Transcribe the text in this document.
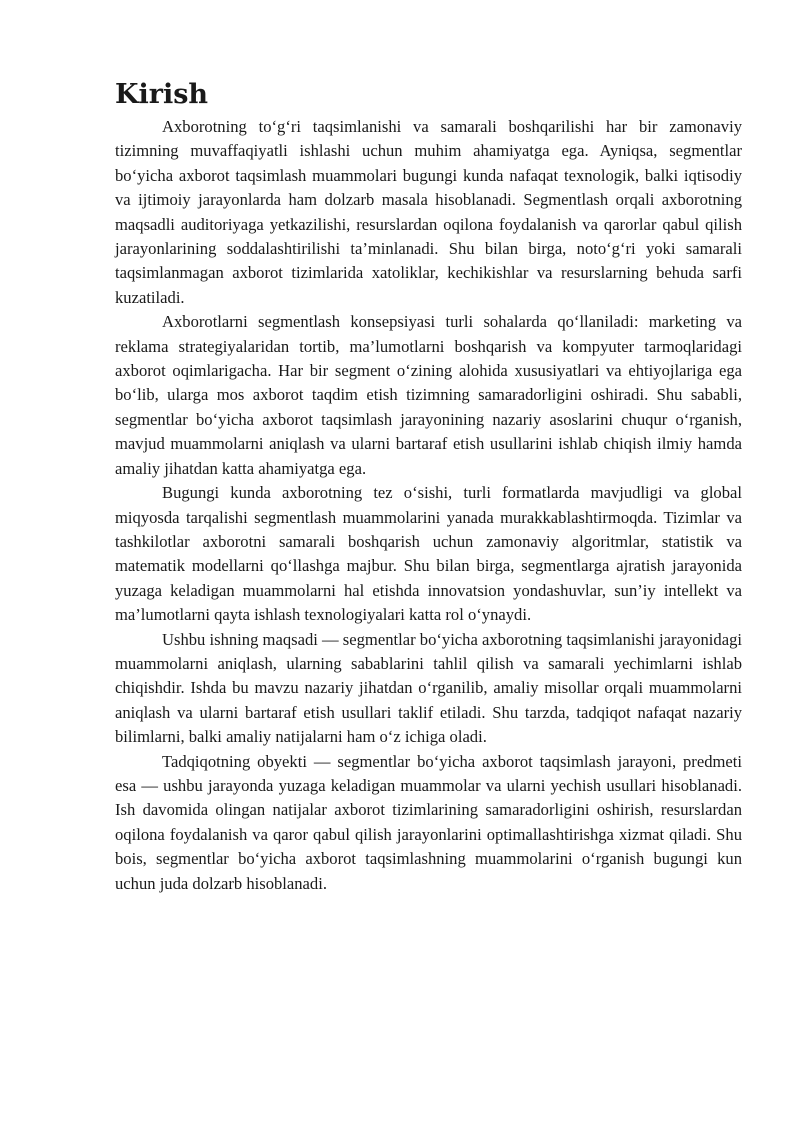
Kirish

Axborotning to‘g‘ri taqsimlanishi va samarali boshqarilishi har bir zamonaviy tizimning muvaffaqiyatli ishlashi uchun muhim ahamiyatga ega. Ayniqsa, segmentlar bo‘yicha axborot taqsimlash muammolari bugungi kunda nafaqat texnologik, balki iqtisodiy va ijtimoiy jarayonlarda ham dolzarb masala hisoblanadi. Segmentlash orqali axborotning maqsadli auditoriyaga yetkazilishi, resurslardan oqilona foydalanish va qarorlar qabul qilish jarayonlarining soddalashtirilishi ta’minlanadi. Shu bilan birga, noto‘g‘ri yoki samarali taqsimlanmagan axborot tizimlarida xatoliklar, kechikishlar va resurslarning behuda sarfi kuzatiladi.

Axborotlarni segmentlash konsepsiyasi turli sohalarda qo‘llaniladi: marketing va reklama strategiyalaridan tortib, ma’lumotlarni boshqarish va kompyuter tarmoqlaridagi axborot oqimlarigacha. Har bir segment o‘zining alohida xususiyatlari va ehtiyojlariga ega bo‘lib, ularga mos axborot taqdim etish tizimning samaradorligini oshiradi. Shu sababli, segmentlar bo‘yicha axborot taqsimlash jarayonining nazariy asoslarini chuqur o‘rganish, mavjud muammolarni aniqlash va ularni bartaraf etish usullarini ishlab chiqish ilmiy hamda amaliy jihatdan katta ahamiyatga ega.

Bugungi kunda axborotning tez o‘sishi, turli formatlarda mavjudligi va global miqyosda tarqalishi segmentlash muammolarini yanada murakkablashtirmoqda. Tizimlar va tashkilotlar axborotni samarali boshqarish uchun zamonaviy algoritmlar, statistik va matematik modellarni qo‘llashga majbur. Shu bilan birga, segmentlarga ajratish jarayonida yuzaga keladigan muammolarni hal etishda innovatsion yondashuvlar, sun’iy intellekt va ma’lumotlarni qayta ishlash texnologiyalari katta rol o‘ynaydi.

Ushbu ishning maqsadi — segmentlar bo‘yicha axborotning taqsimlanishi jarayonidagi muammolarni aniqlash, ularning sabablarini tahlil qilish va samarali yechimlarni ishlab chiqishdir. Ishda bu mavzu nazariy jihatdan o‘rganilib, amaliy misollar orqali muammolarni aniqlash va ularni bartaraf etish usullari taklif etiladi. Shu tarzda, tadqiqot nafaqat nazariy bilimlarni, balki amaliy natijalarni ham o‘z ichiga oladi.

Tadqiqotning obyekti — segmentlar bo‘yicha axborot taqsimlash jarayoni, predmeti esa — ushbu jarayonda yuzaga keladigan muammolar va ularni yechish usullari hisoblanadi. Ish davomida olingan natijalar axborot tizimlarining samaradorligini oshirish, resurslardan oqilona foydalanish va qaror qabul qilish jarayonlarini optimallashtirishga xizmat qiladi. Shu bois, segmentlar bo‘yicha axborot taqsimlashning muammolarini o‘rganish bugungi kun uchun juda dolzarb hisoblanadi.
